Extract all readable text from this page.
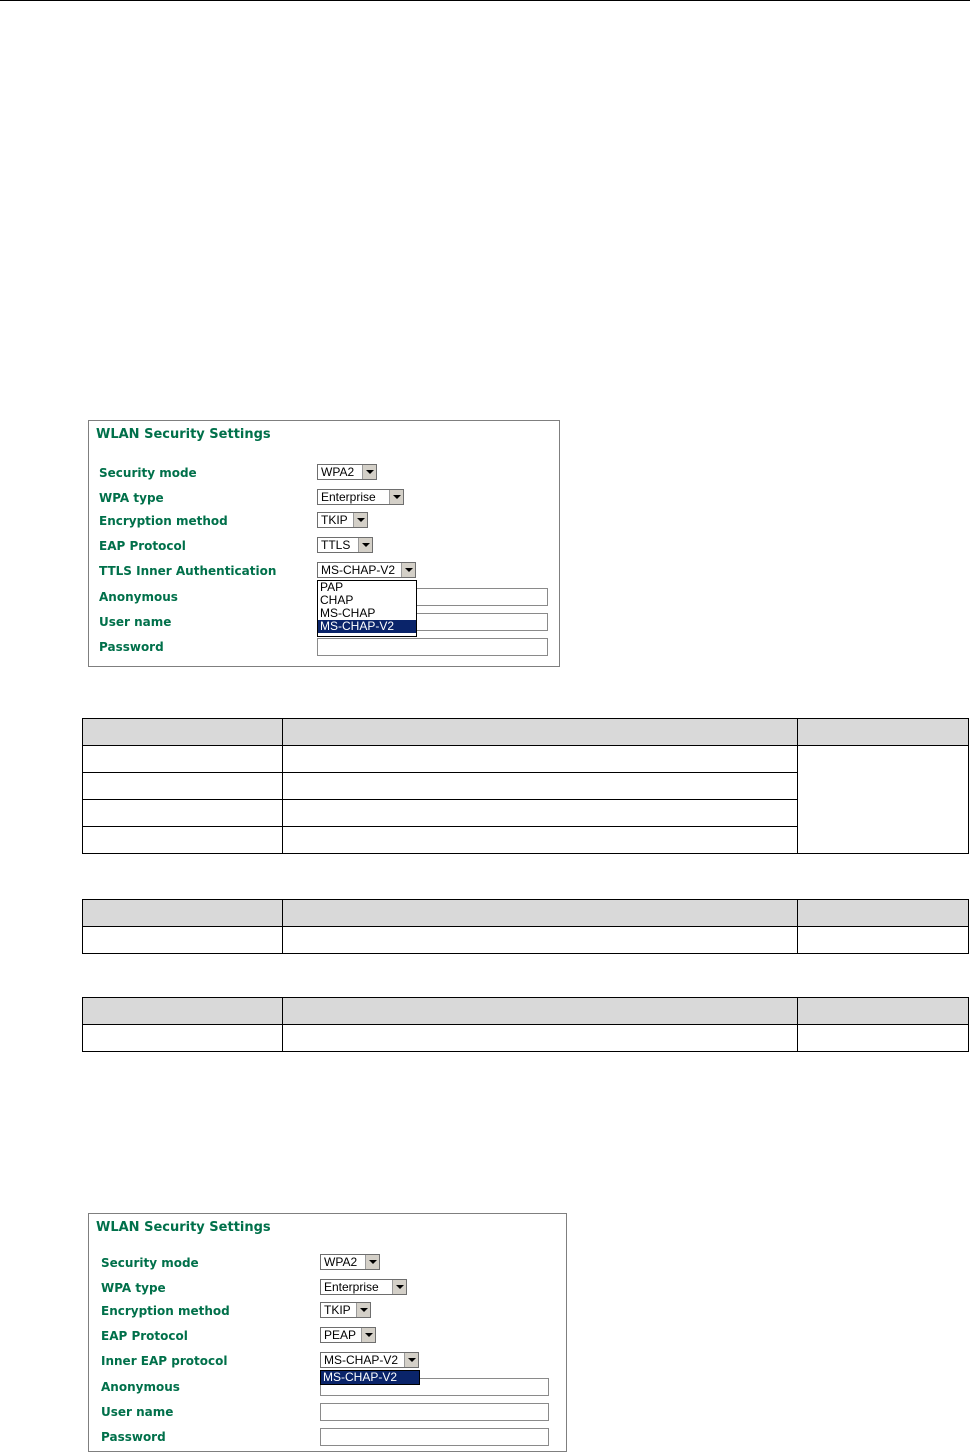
WLAN Security Settings
Security mode	WPA2
WPA type	Enterprise
Encryption method	TKIP
EAP Protocol	TTLS
TTLS Inner Authentication	MS-CHAP-V2
Anonymous
User name
Password
PAP
CHAP
MS-CHAP
MS-CHAP-V2

WLAN Security Settings
Security mode	WPA2
WPA type	Enterprise
Encryption method	TKIP
EAP Protocol	PEAP
Inner EAP protocol	MS-CHAP-V2
Anonymous
User name
Password
MS-CHAP-V2
